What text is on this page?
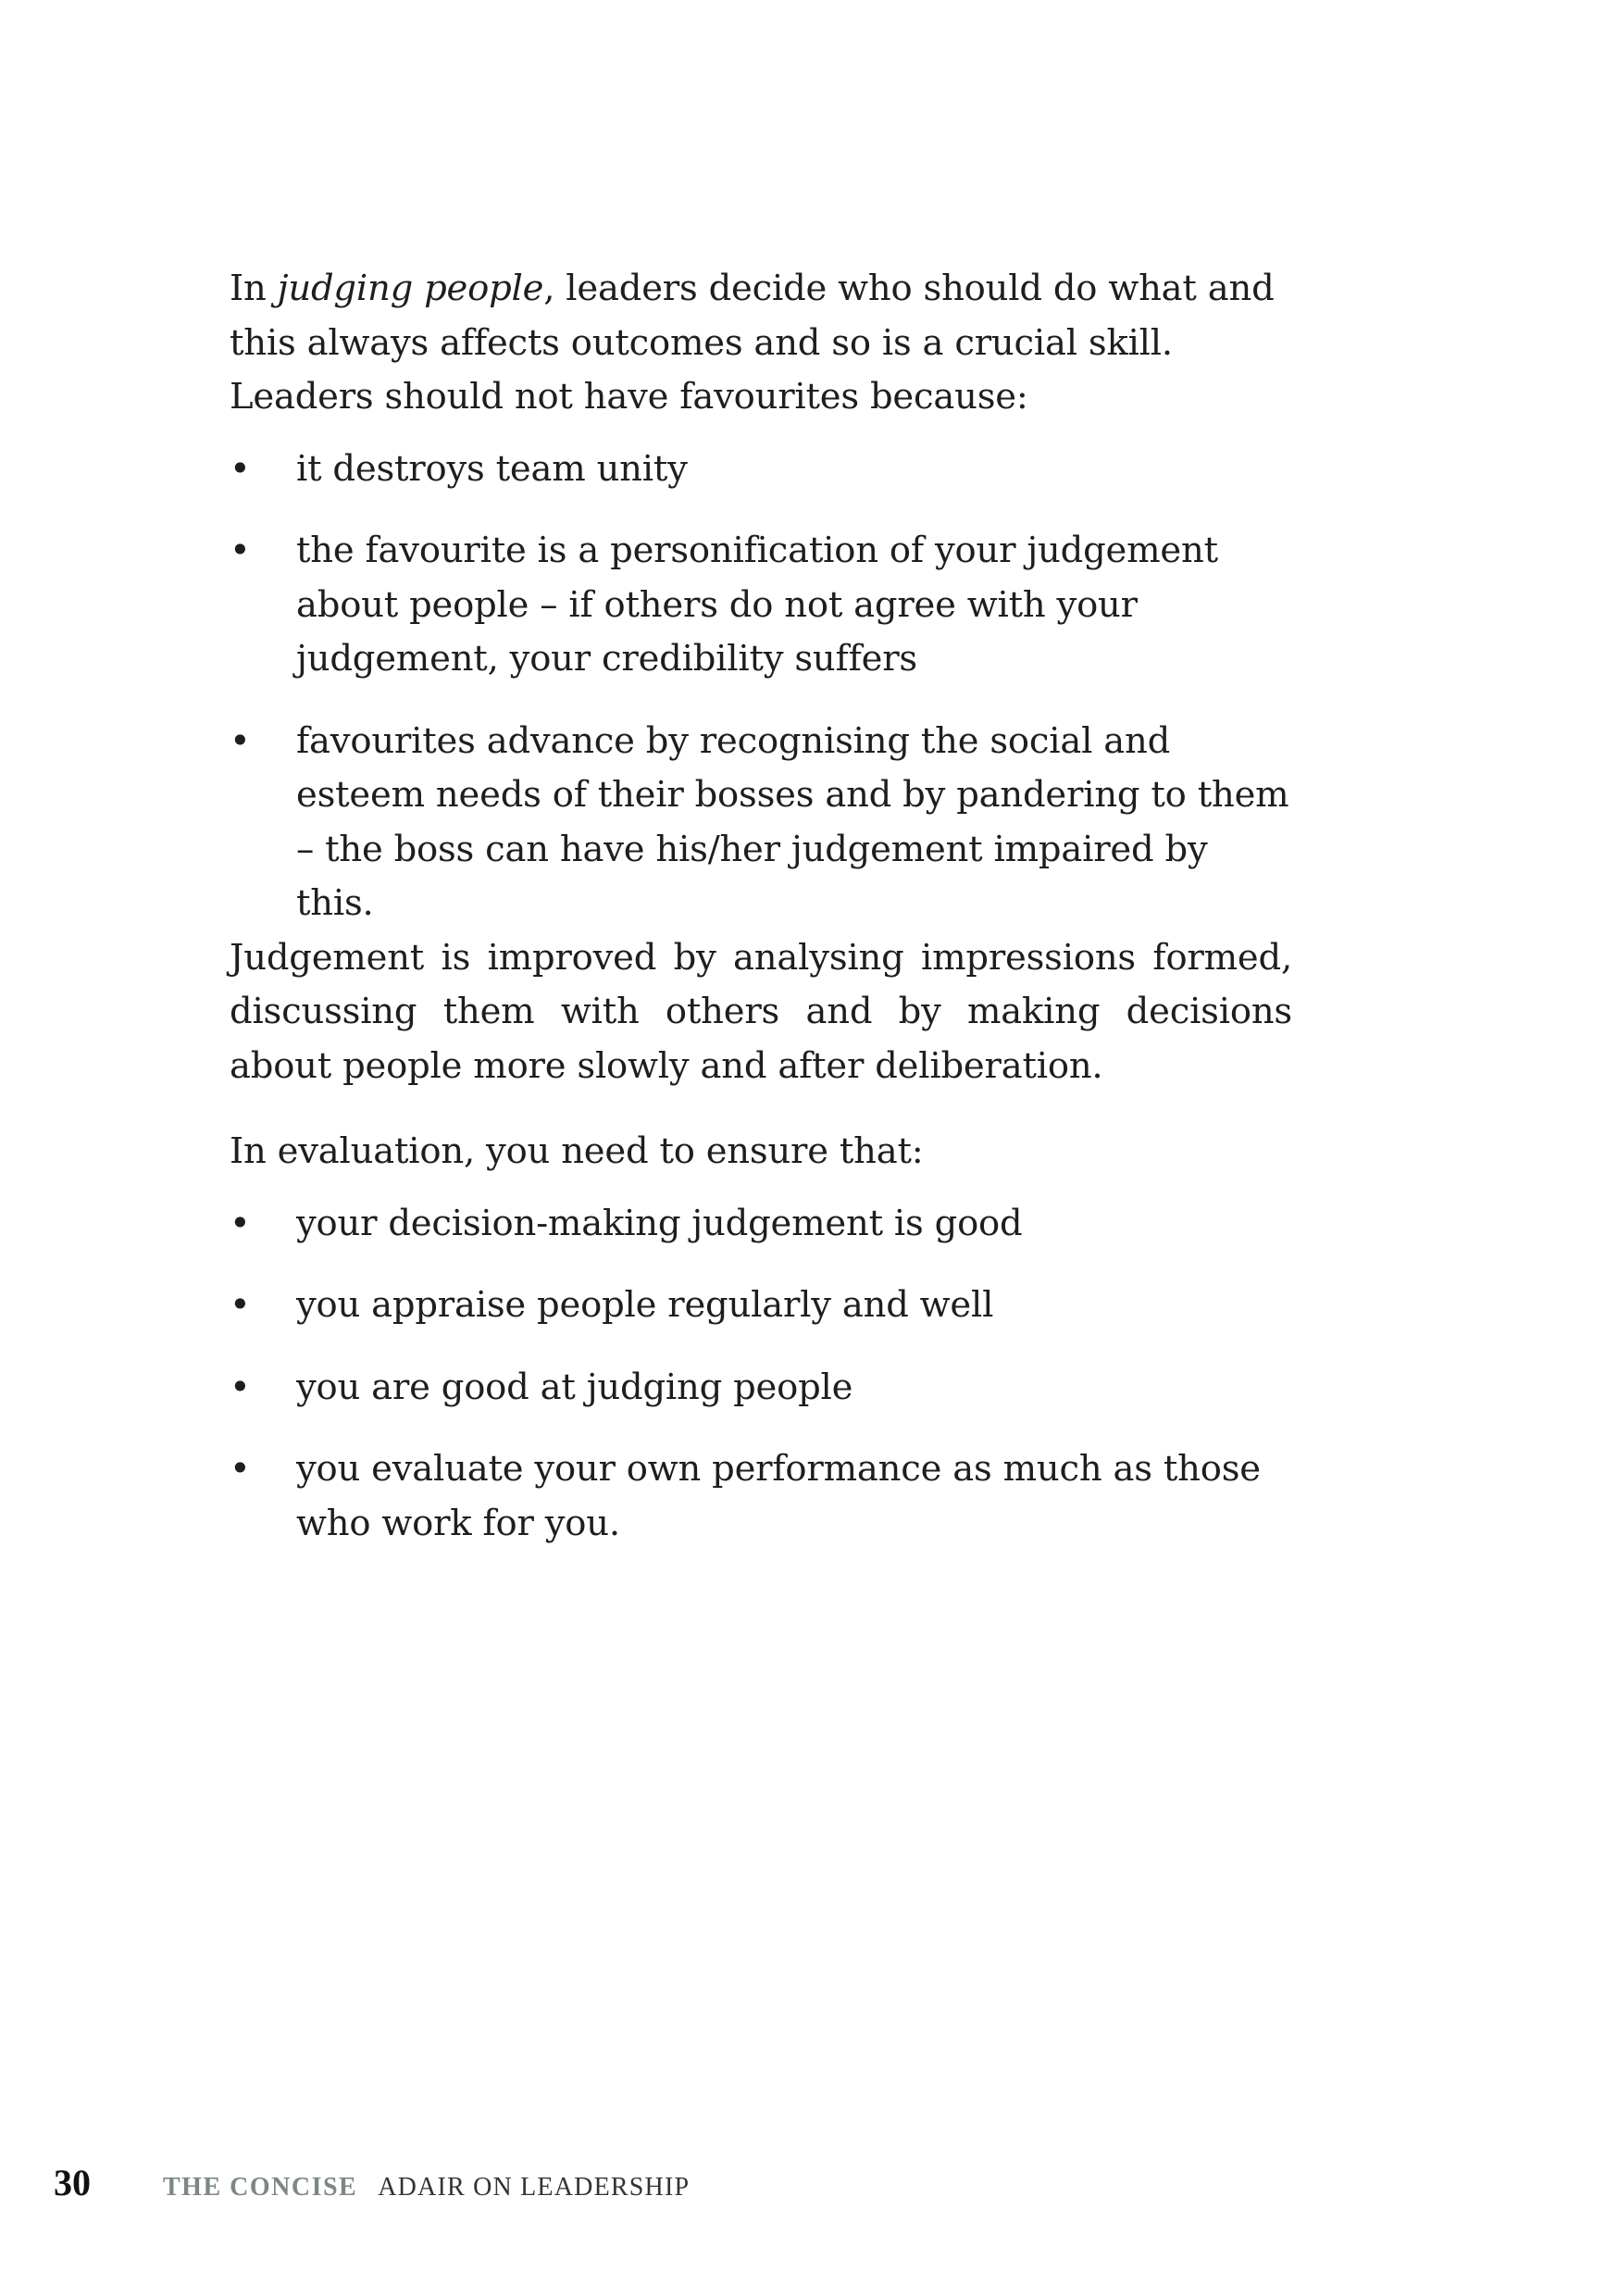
In judging people, leaders decide who should do what and this always affects outcomes and so is a crucial skill. Leaders should not have favourites because:

• it destroys team unity
• the favourite is a personification of your judgement about people – if others do not agree with your judgement, your credibility suffers
• favourites advance by recognising the social and esteem needs of their bosses and by pandering to them – the boss can have his/her judgement impaired by this.

Judgement is improved by analysing impressions formed, discussing them with others and by making decisions about people more slowly and after deliberation.

In evaluation, you need to ensure that:

• your decision-making judgement is good
• you appraise people regularly and well
• you are good at judging people
• you evaluate your own performance as much as those who work for you.
30	THE CONCISE ADAIR ON LEADERSHIP
